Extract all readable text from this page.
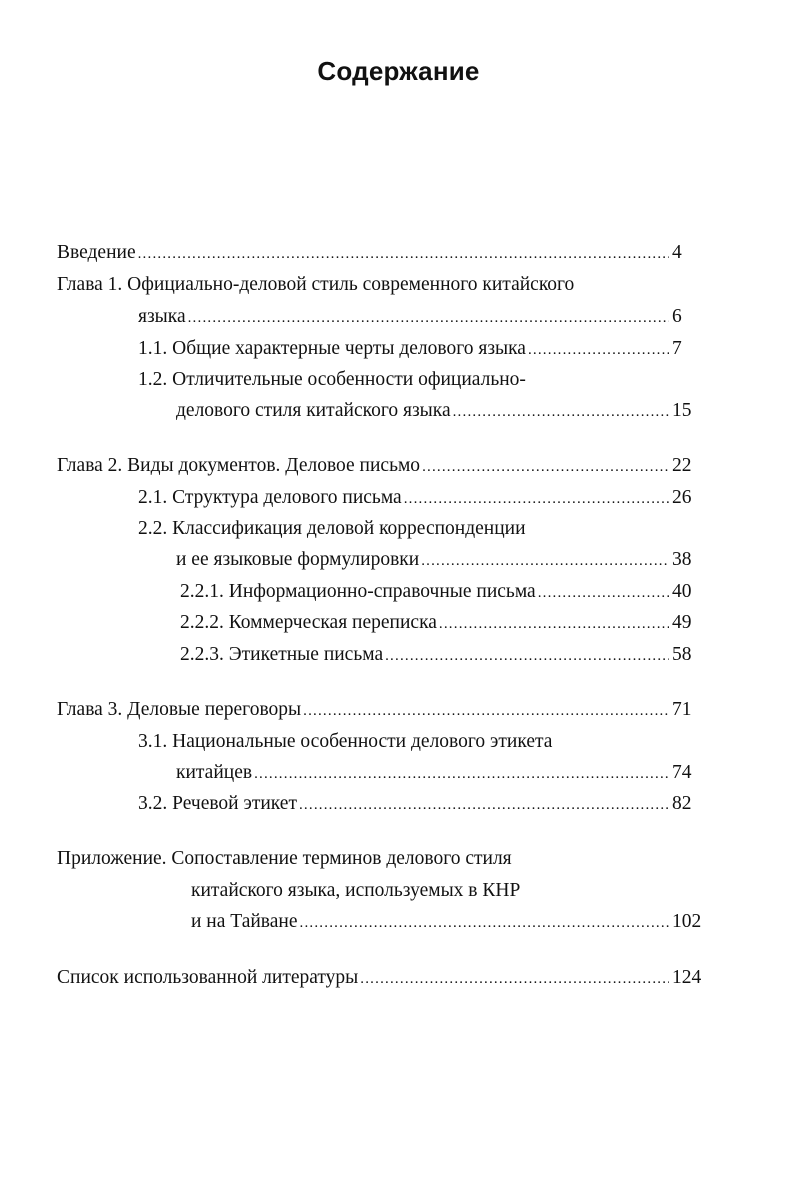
Содержание
Введение .....	4
Глава 1. Официально-деловой стиль современного китайского
языка .....	6
1.1. Общие характерные черты делового языка .....	7
1.2. Отличительные особенности официально-
делового стиля китайского языка .....	15
Глава 2. Виды документов. Деловое письмо .....	22
2.1. Структура делового письма .....	26
2.2. Классификация деловой корреспонденции
и ее языковые формулировки .....	38
2.2.1. Информационно-справочные письма .....	40
2.2.2. Коммерческая переписка .....	49
2.2.3. Этикетные письма .....	58
Глава 3. Деловые переговоры .....	71
3.1. Национальные особенности делового этикета
китайцев .....	74
3.2. Речевой этикет .....	82
Приложение. Сопоставление терминов делового стиля
китайского языка, используемых в КНР
и на Тайване .....	102
Список использованной литературы .....	124
